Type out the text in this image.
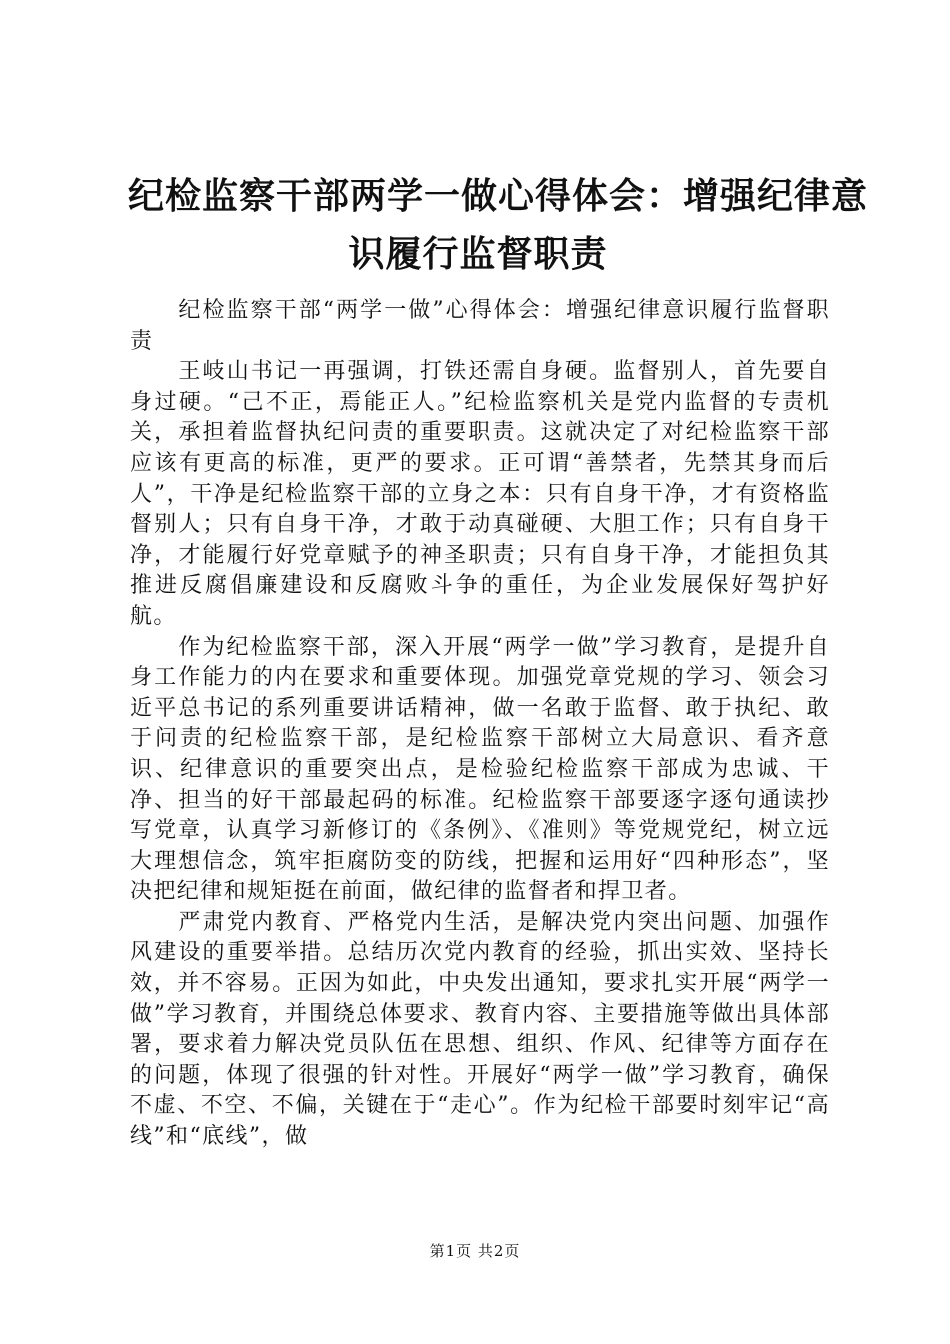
纪检监察干部两学一做心得体会：增强纪律意
识履行监督职责

纪检监察干部“两学一做”心得体会：增强纪律意识履行监督职责

王岐山书记一再强调，打铁还需自身硬。监督别人，首先要自身过硬。“己不正，焉能正人。”纪检监察机关是党内监督的专责机关，承担着监督执纪问责的重要职责。这就决定了对纪检监察干部应该有更高的标准，更严的要求。正可谓“善禁者，先禁其身而后人”，干净是纪检监察干部的立身之本：只有自身干净，才有资格监督别人；只有自身干净，才敢于动真碰硬、大胆工作；只有自身干净，才能履行好党章赋予的神圣职责；只有自身干净，才能担负其推进反腐倡廉建设和反腐败斗争的重任，为企业发展保好驾护好航。

作为纪检监察干部，深入开展“两学一做”学习教育，是提升自身工作能力的内在要求和重要体现。加强党章党规的学习、领会习近平总书记的系列重要讲话精神，做一名敢于监督、敢于执纪、敢于问责的纪检监察干部，是纪检监察干部树立大局意识、看齐意识、纪律意识的重要突出点，是检验纪检监察干部成为忠诚、干净、担当的好干部最起码的标准。纪检监察干部要逐字逐句通读抄写党章，认真学习新修订的《条例》、《准则》等党规党纪，树立远大理想信念，筑牢拒腐防变的防线，把握和运用好“四种形态”，坚决把纪律和规矩挺在前面，做纪律的监督者和捍卫者。

严肃党内教育、严格党内生活，是解决党内突出问题、加强作风建设的重要举措。总结历次党内教育的经验，抓出实效、坚持长效，并不容易。正因为如此，中央发出通知，要求扎实开展“两学一做”学习教育，并围绕总体要求、教育内容、主要措施等做出具体部署，要求着力解决党员队伍在思想、组织、作风、纪律等方面存在的问题，体现了很强的针对性。开展好“两学一做”学习教育，确保不虚、不空、不偏，关键在于“走心”。作为纪检干部要时刻牢记“高线”和“底线”，做

第1页 共2页
